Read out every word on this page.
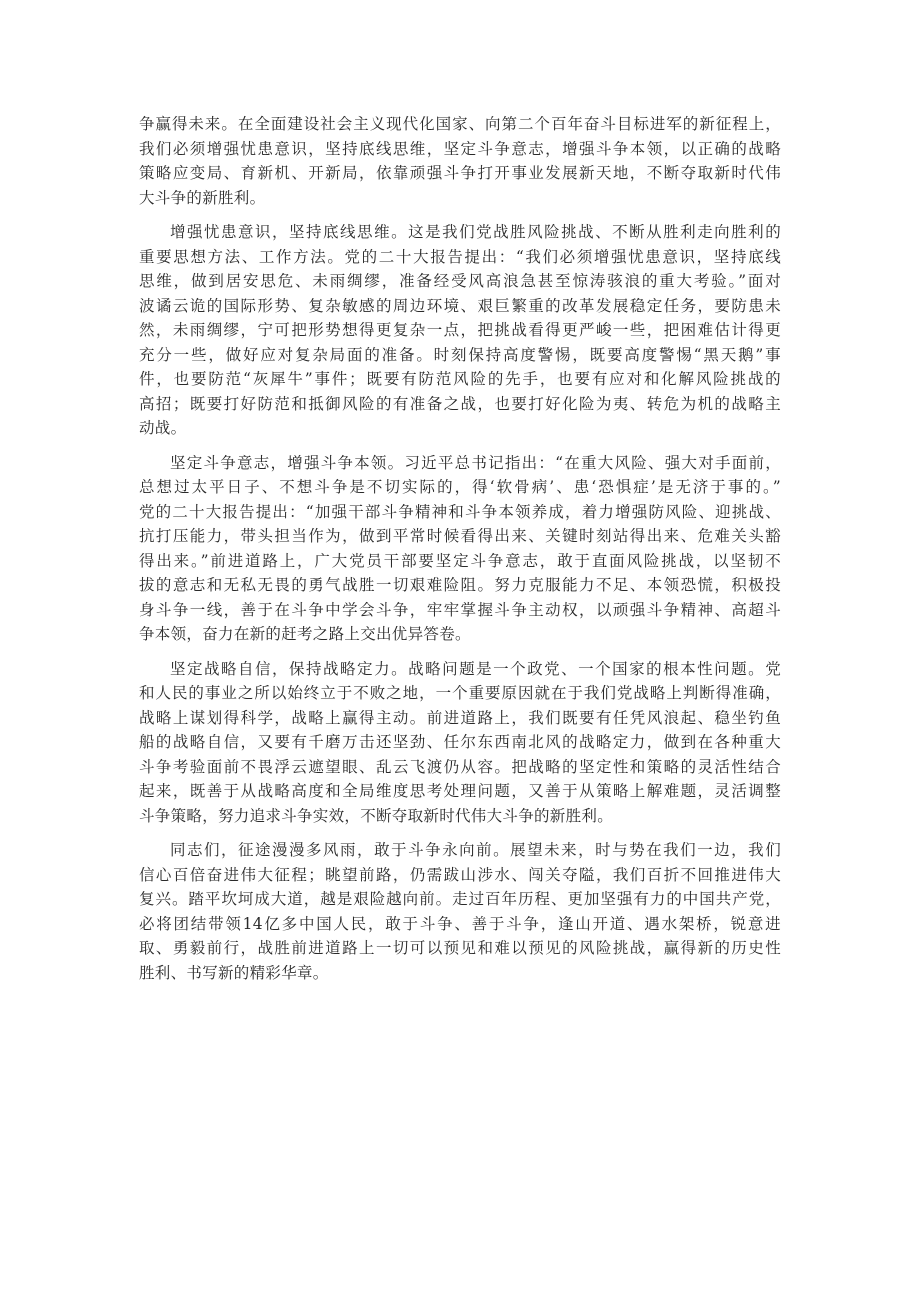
争赢得未来。在全面建设社会主义现代化国家、向第二个百年奋斗目标进军的新征程上，
我们必须增强忧患意识，坚持底线思维，坚定斗争意志，增强斗争本领，以正确的战略
策略应变局、育新机、开新局，依靠顽强斗争打开事业发展新天地，不断夺取新时代伟
大斗争的新胜利。
增强忧患意识，坚持底线思维。这是我们党战胜风险挑战、不断从胜利走向胜利的
重要思想方法、工作方法。党的二十大报告提出：“我们必须增强忧患意识，坚持底线
思维，做到居安思危、未雨绸缪，准备经受风高浪急甚至惊涛骇浪的重大考验。”面对
波谲云诡的国际形势、复杂敏感的周边环境、艰巨繁重的改革发展稳定任务，要防患未
然，未雨绸缪，宁可把形势想得更复杂一点，把挑战看得更严峻一些，把困难估计得更
充分一些，做好应对复杂局面的准备。时刻保持高度警惕，既要高度警惕“黑天鹅”事
件，也要防范“灰犀牛”事件；既要有防范风险的先手，也要有应对和化解风险挑战的
高招；既要打好防范和抵御风险的有准备之战，也要打好化险为夷、转危为机的战略主
动战。
坚定斗争意志，增强斗争本领。习近平总书记指出：“在重大风险、强大对手面前，
总想过太平日子、不想斗争是不切实际的，得‘软骨病’、患‘恐惧症’是无济于事的。”
党的二十大报告提出：“加强干部斗争精神和斗争本领养成，着力增强防风险、迎挑战、
抗打压能力，带头担当作为，做到平常时候看得出来、关键时刻站得出来、危难关头豁
得出来。”前进道路上，广大党员干部要坚定斗争意志，敢于直面风险挑战，以坚韧不
拔的意志和无私无畏的勇气战胜一切艰难险阻。努力克服能力不足、本领恐慌，积极投
身斗争一线，善于在斗争中学会斗争，牢牢掌握斗争主动权，以顽强斗争精神、高超斗
争本领，奋力在新的赶考之路上交出优异答卷。
坚定战略自信，保持战略定力。战略问题是一个政党、一个国家的根本性问题。党
和人民的事业之所以始终立于不败之地，一个重要原因就在于我们党战略上判断得准确，
战略上谋划得科学，战略上赢得主动。前进道路上，我们既要有任凭风浪起、稳坐钓鱼
船的战略自信，又要有千磨万击还坚劲、任尔东西南北风的战略定力，做到在各种重大
斗争考验面前不畏浮云遮望眼、乱云飞渡仍从容。把战略的坚定性和策略的灵活性结合
起来，既善于从战略高度和全局维度思考处理问题，又善于从策略上解难题，灵活调整
斗争策略，努力追求斗争实效，不断夺取新时代伟大斗争的新胜利。
同志们，征途漫漫多风雨，敢于斗争永向前。展望未来，时与势在我们一边，我们
信心百倍奋进伟大征程；眺望前路，仍需跋山涉水、闯关夺隘，我们百折不回推进伟大
复兴。踏平坎坷成大道，越是艰险越向前。走过百年历程、更加坚强有力的中国共产党，
必将团结带领14亿多中国人民，敢于斗争、善于斗争，逢山开道、遇水架桥，锐意进
取、勇毅前行，战胜前进道路上一切可以预见和难以预见的风险挑战，赢得新的历史性
胜利、书写新的精彩华章。
